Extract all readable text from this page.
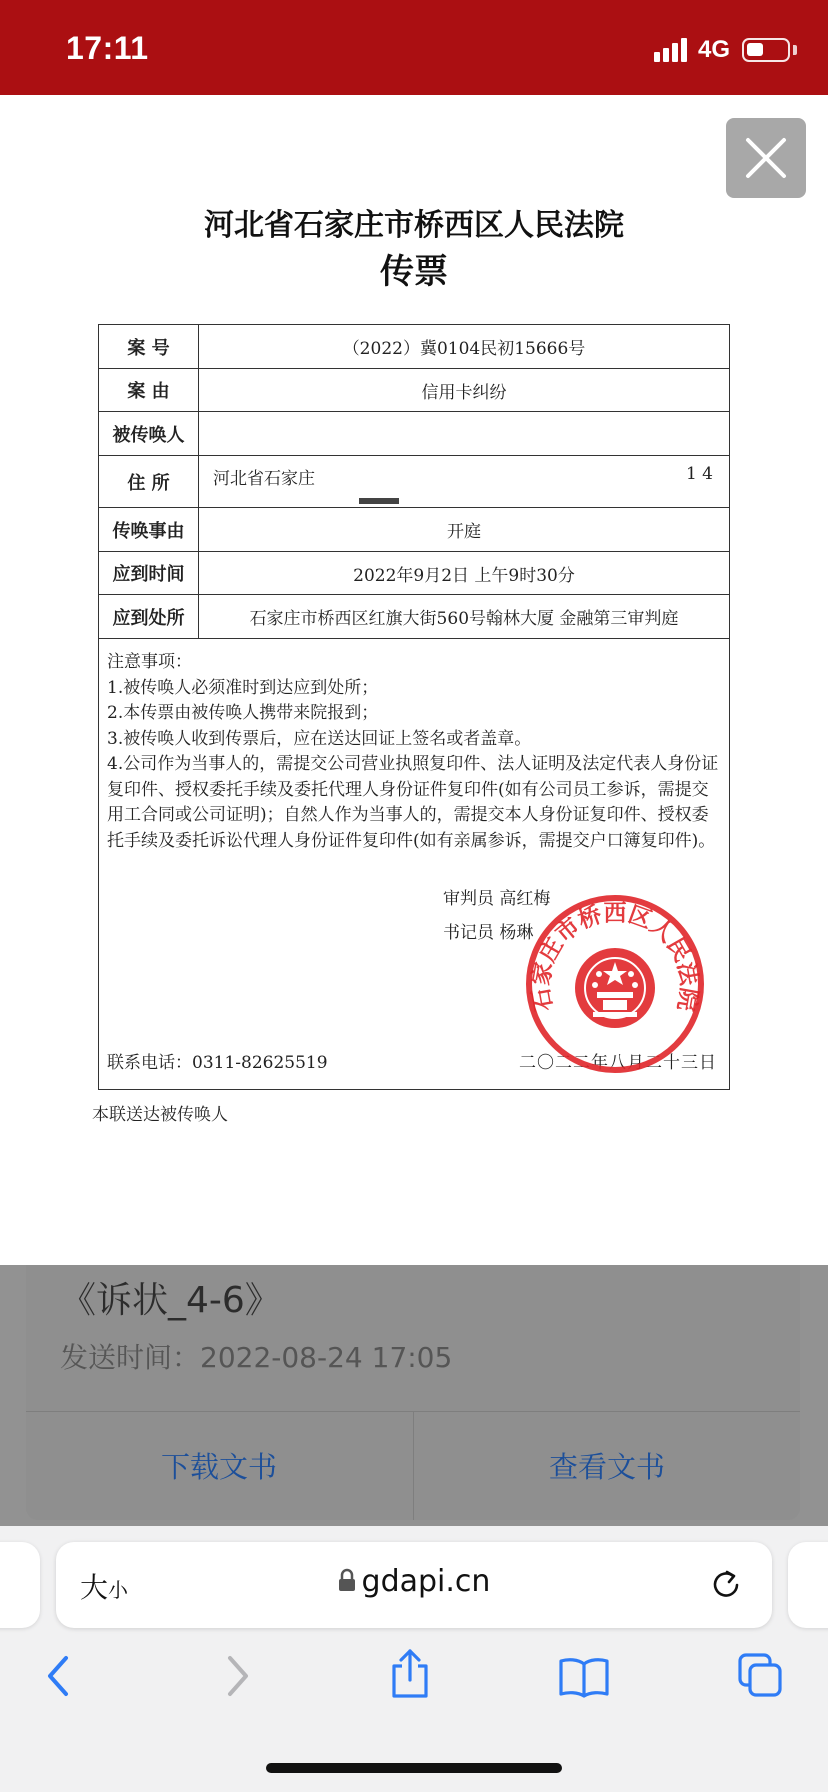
17:11	4G
河北省石家庄市桥西区人民法院
传票
案 号	（2022）冀0104民初15666号
案 由	信用卡纠纷
被传唤人	
住 所	河北省石家庄 1 4

传唤事由	开庭
应到时间	2022年9月2日 上午9时30分
应到处所	石家庄市桥西区红旗大街560号翰林大厦 金融第三审判庭

注意事项：

1.被传唤人必须准时到达应到处所；

2.本传票由被传唤人携带来院报到；

3.被传唤人收到传票后，应在送达回证上签名或者盖章。

4.公司作为当事人的，需提交公司营业执照复印件、法人证明及法定代表人身份证复印件、授权委托手续及委托代理人身份证件复印件(如有公司员工参诉，需提交用工合同或公司证明)；自然人作为当事人的，需提交本人身份证复印件、授权委托手续及委托诉讼代理人身份证件复印件(如有亲属参诉，需提交户口簿复印件)。

审判员 高红梅
书记员 杨琳
联系电话：0311-82625519	二〇二二年八月二十三日
石家庄市桥西区人民法院
本联送达被传唤人
《诉状_4-6》
发送时间：2022-08-24 17:05
下载文书	查看文书
大小	gdapi.cn
